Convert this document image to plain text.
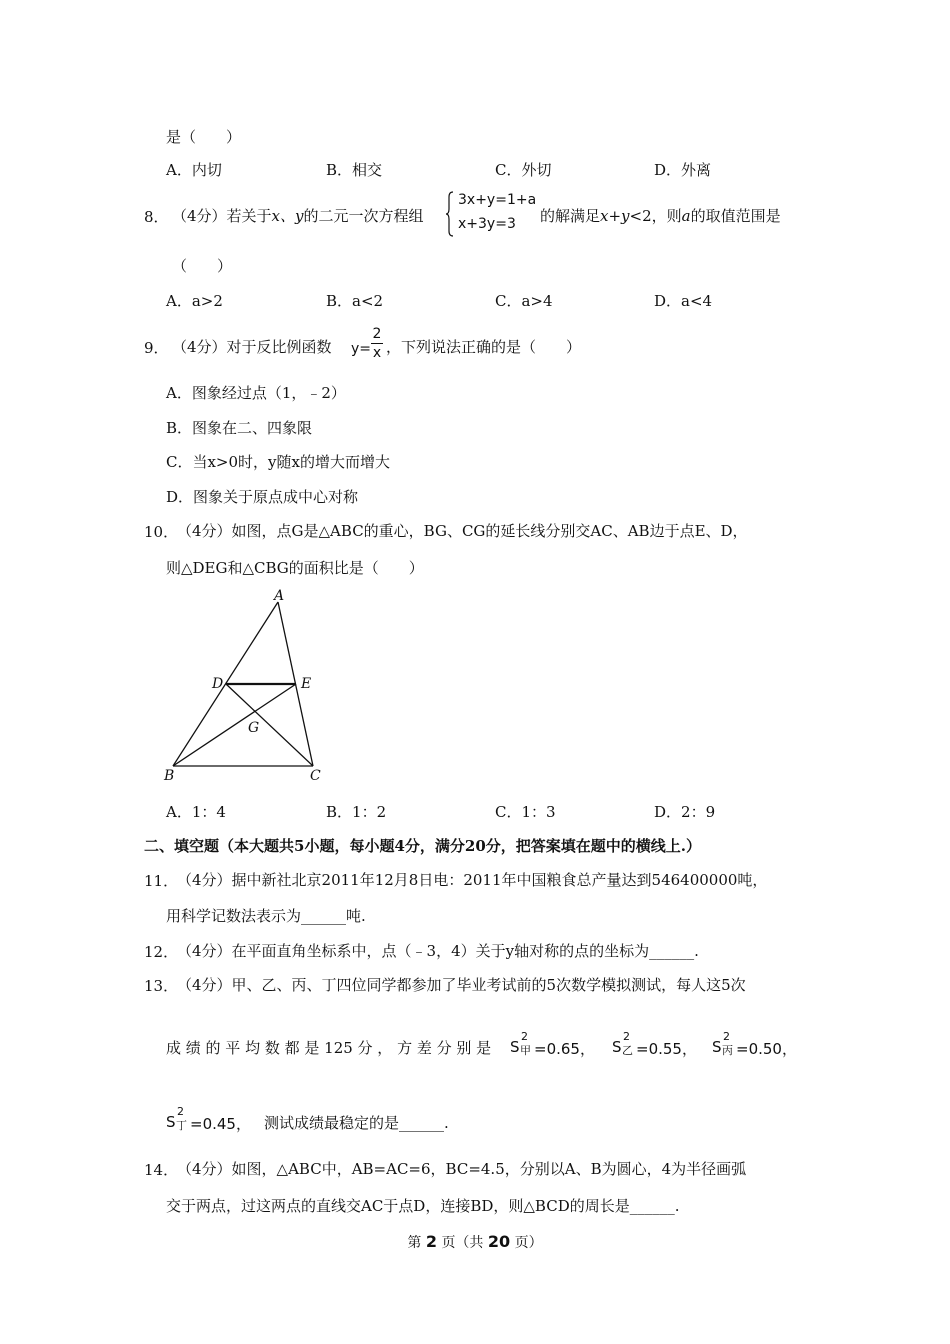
是（　　）
A．内切	B．相交	C．外切	D．外离
8． （4分）若关于x、y的二元一次方程组
3x+y=1+a
x+3y=3 的解满足x+y<2，则a的取值范围是
（　　）
A．a>2	B．a<2	C．a>4	D．a<4
9． （4分）对于反比例函数 y=
2
x ，下列说法正确的是（　　）
A．图象经过点（1，﹣2）
B．图象在二、四象限
C．当x>0时，y随x的增大而增大
D．图象关于原点成中心对称
10．
（4分）如图，点G是△ABC的重心，BG、CG的延长线分别交AC、AB边于点E、D，
则△DEG和△CBG的面积比是（　　）
A
B	C
D	E
G
A．1：4	B．1：2	C．1：3	D．2：9
二、填空题（本大题共5小题，每小题4分，满分20分，把答案填在题中的横线上.）
11．
（4分）据中新社北京2011年12月8日电：2011年中国粮食总产量达到546400000吨，
用科学记数法表示为______吨.
12．
（4分）在平面直角坐标系中，点（﹣3，4）关于y轴对称的点的坐标为______.
13．
（4分）甲、乙、丙、丁四位同学都参加了毕业考试前的5次数学模拟测试，每人这5次
成 绩 的 平 均 数 都 是 125 分 ， 方 差 分 别 是 S
2
甲 =0.65， S
2
乙 =0.55， S
2
丙 =0.50，
S
2
丁 =0.45， 测试成绩最稳定的是______.
14．
（4分）如图，△ABC中，AB=AC=6，BC=4.5，分别以A、B为圆心，4为半径画弧
交于两点，过这两点的直线交AC于点D，连接BD，则△BCD的周长是______.
第 2 页（共 20 页）
